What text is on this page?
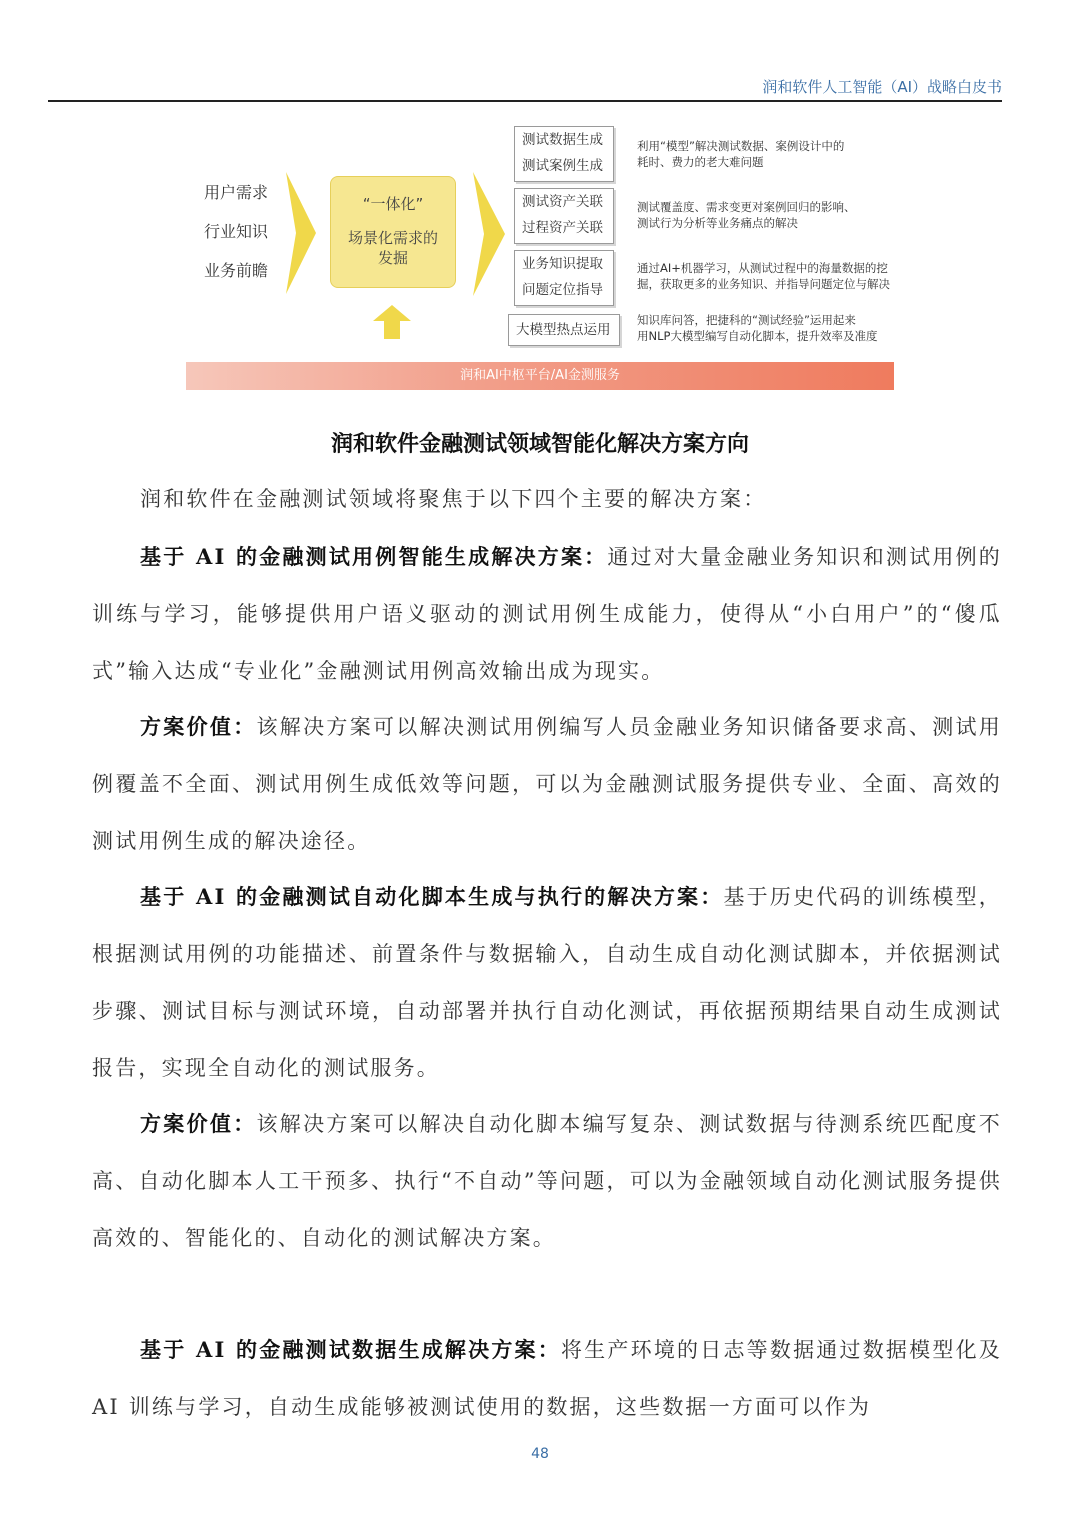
润和软件人工智能（AI）战略白皮书
用户需求
行业知识
业务前瞻
“一体化”
场景化需求的发掘
测试数据生成
测试案例生成
测试资产关联
过程资产关联
业务知识提取
问题定位指导
大模型热点运用
利用“模型”解决测试数据、案例设计中的
耗时、费力的老大难问题
测试覆盖度、需求变更对案例回归的影响、
测试行为分析等业务痛点的解决
通过AI+机器学习，从测试过程中的海量数据的挖
掘，获取更多的业务知识、并指导问题定位与解决
知识库问答，把捷科的“测试经验”运用起来
用NLP大模型编写自动化脚本，提升效率及准度
润和AI中枢平台/AI金测服务
润和软件金融测试领域智能化解决方案方向
润和软件在金融测试领域将聚焦于以下四个主要的解决方案：
基于 AI 的金融测试用例智能生成解决方案：通过对大量金融业务知识和测试用例的训练与学习，能够提供用户语义驱动的测试用例生成能力，使得从“小白用户”的“傻瓜式”输入达成“专业化”金融测试用例高效输出成为现实。
方案价值：该解决方案可以解决测试用例编写人员金融业务知识储备要求高、测试用例覆盖不全面、测试用例生成低效等问题，可以为金融测试服务提供专业、全面、高效的测试用例生成的解决途径。
基于 AI 的金融测试自动化脚本生成与执行的解决方案：基于历史代码的训练模型，根据测试用例的功能描述、前置条件与数据输入，自动生成自动化测试脚本，并依据测试步骤、测试目标与测试环境，自动部署并执行自动化测试，再依据预期结果自动生成测试报告，实现全自动化的测试服务。
方案价值：该解决方案可以解决自动化脚本编写复杂、测试数据与待测系统匹配度不高、自动化脚本人工干预多、执行“不自动”等问题，可以为金融领域自动化测试服务提供高效的、智能化的、自动化的测试解决方案。
基于 AI 的金融测试数据生成解决方案：将生产环境的日志等数据通过数据模型化及 AI 训练与学习，自动生成能够被测试使用的数据，这些数据一方面可以作为
48
